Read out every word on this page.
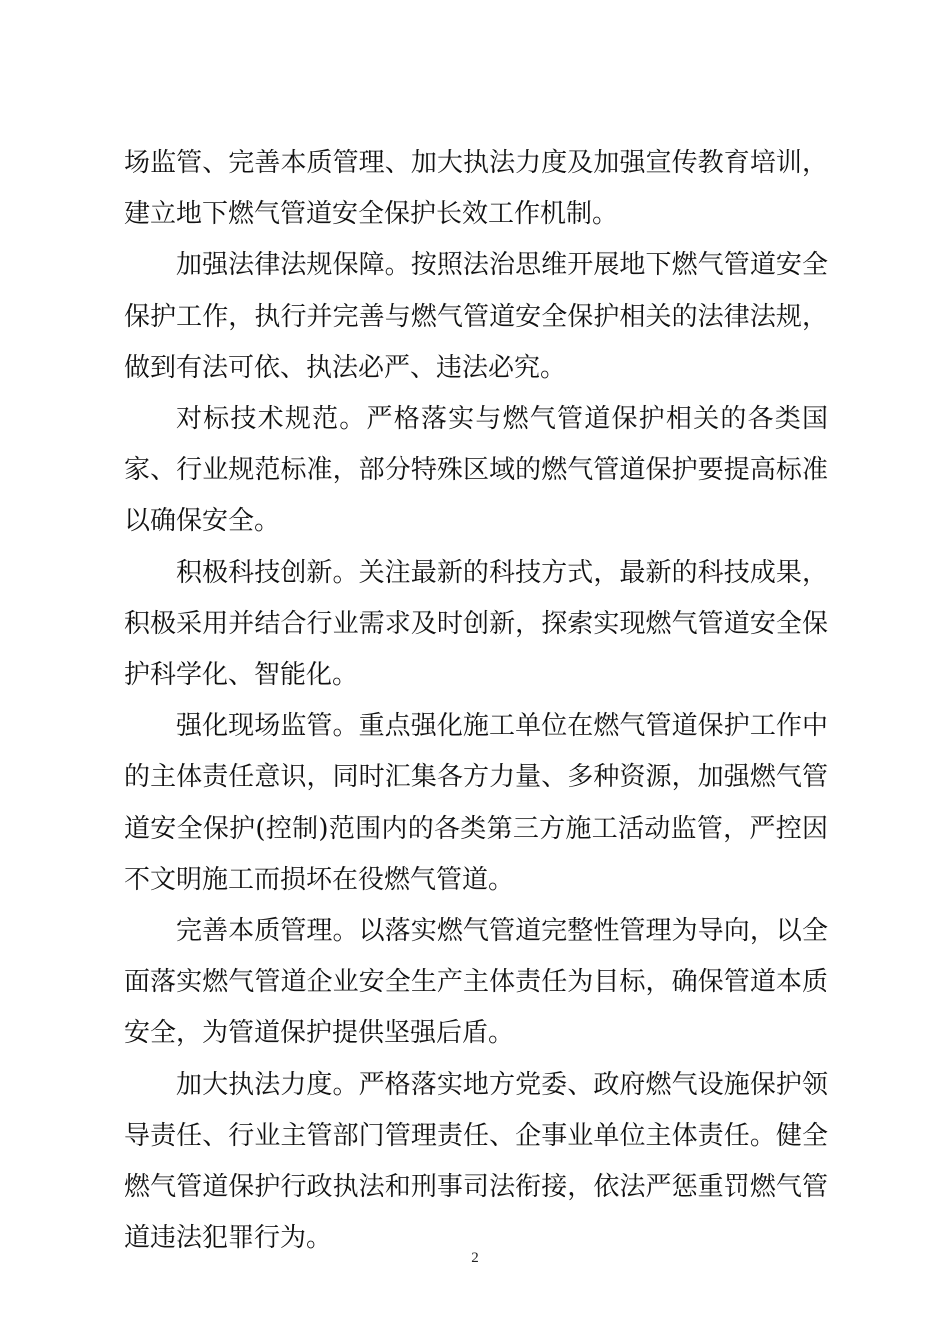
场监管、完善本质管理、加大执法力度及加强宣传教育培训，建立地下燃气管道安全保护长效工作机制。

加强法律法规保障。按照法治思维开展地下燃气管道安全保护工作，执行并完善与燃气管道安全保护相关的法律法规，做到有法可依、执法必严、违法必究。

对标技术规范。严格落实与燃气管道保护相关的各类国家、行业规范标准，部分特殊区域的燃气管道保护要提高标准以确保安全。

积极科技创新。关注最新的科技方式，最新的科技成果，积极采用并结合行业需求及时创新，探索实现燃气管道安全保护科学化、智能化。

强化现场监管。重点强化施工单位在燃气管道保护工作中的主体责任意识，同时汇集各方力量、多种资源，加强燃气管道安全保护(控制)范围内的各类第三方施工活动监管，严控因不文明施工而损坏在役燃气管道。

完善本质管理。以落实燃气管道完整性管理为导向，以全面落实燃气管道企业安全生产主体责任为目标，确保管道本质安全，为管道保护提供坚强后盾。

加大执法力度。严格落实地方党委、政府燃气设施保护领导责任、行业主管部门管理责任、企事业单位主体责任。健全燃气管道保护行政执法和刑事司法衔接，依法严惩重罚燃气管道违法犯罪行为。

2
